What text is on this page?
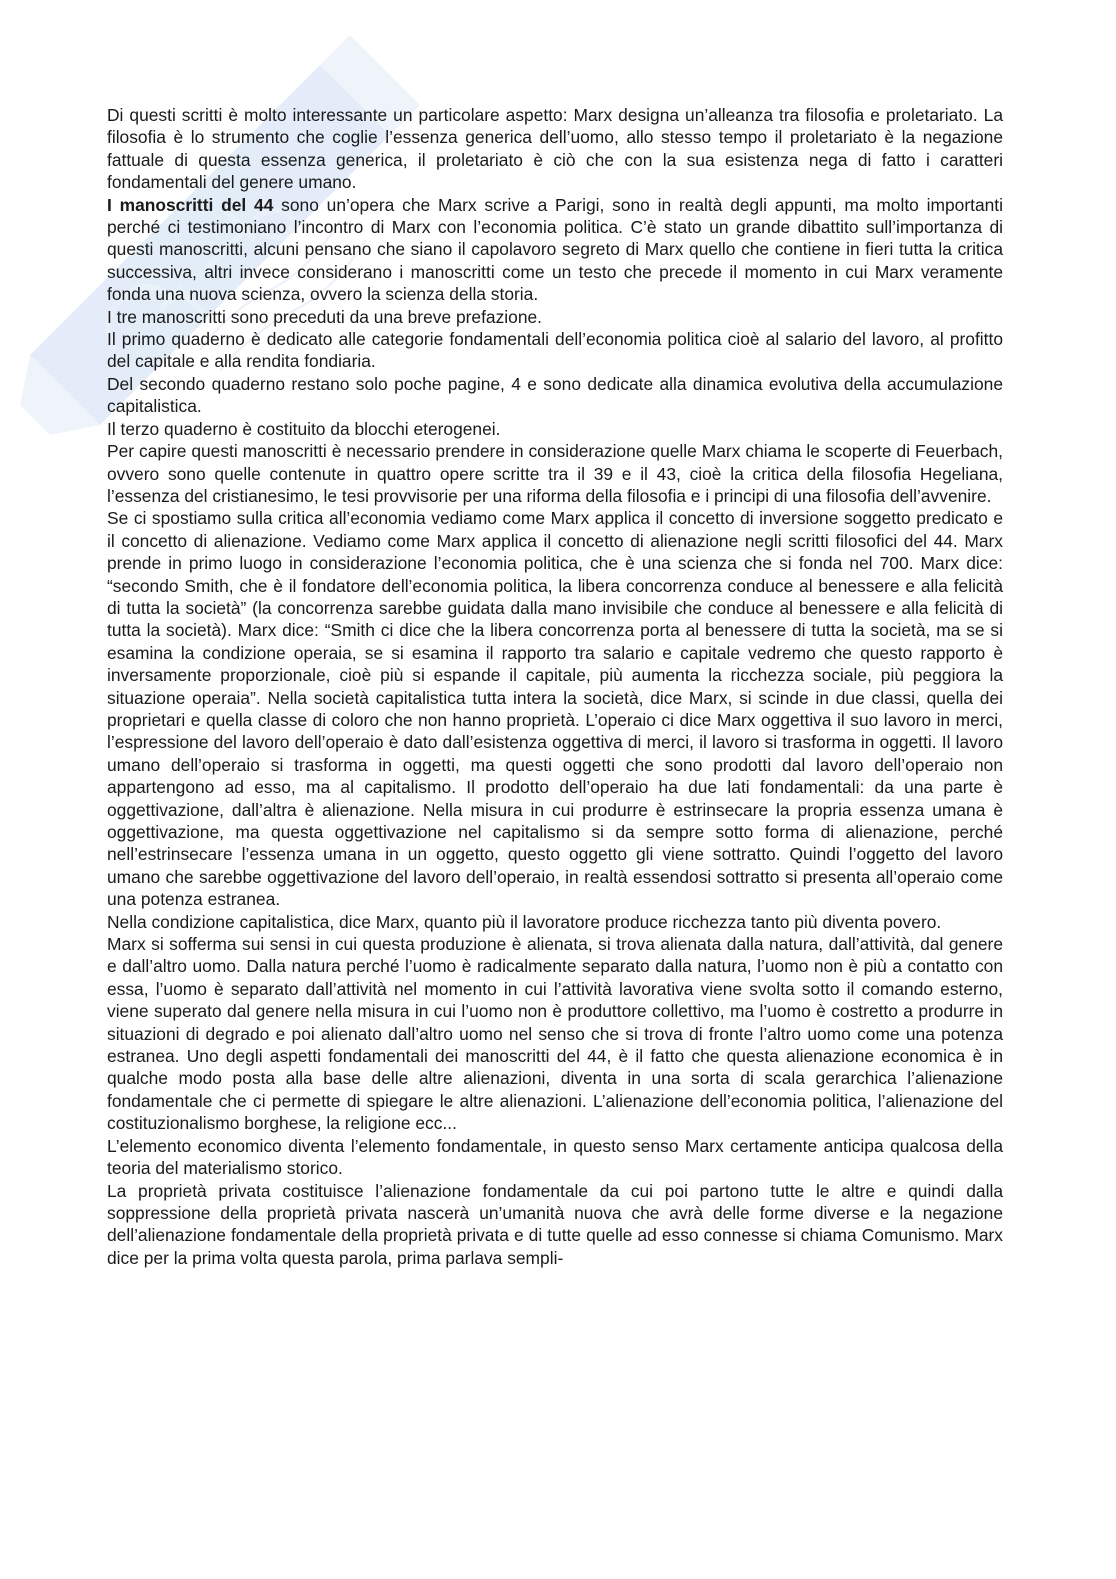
Di questi scritti è molto interessante un particolare aspetto: Marx designa un’alleanza tra filosofia e proletariato. La filosofia è lo strumento che coglie l’essenza generica dell’uomo, allo stesso tempo il proletariato è la negazione fattuale di questa essenza generica, il proletariato è ciò che con la sua esistenza nega di fatto i caratteri fondamentali del genere umano.

I manoscritti del 44 sono un’opera che Marx scrive a Parigi, sono in realtà degli appunti, ma molto importanti perché ci testimoniano l’incontro di Marx con l’economia politica. C’è stato un grande dibattito sull’importanza di questi manoscritti, alcuni pensano che siano il capolavoro segreto di Marx quello che contiene in fieri tutta la critica successiva, altri invece considerano i manoscritti come un testo che precede il momento in cui Marx veramente fonda una nuova scienza, ovvero la scienza della storia.

I tre manoscritti sono preceduti da una breve prefazione.

Il primo quaderno è dedicato alle categorie fondamentali dell’economia politica cioè al salario del lavoro, al profitto del capitale e alla rendita fondiaria.

Del secondo quaderno restano solo poche pagine, 4 e sono dedicate alla dinamica evolutiva della accumulazione capitalistica.

Il terzo quaderno è costituito da blocchi eterogenei.

Per capire questi manoscritti è necessario prendere in considerazione quelle Marx chiama le scoperte di Feuerbach, ovvero sono quelle contenute in quattro opere scritte tra il 39 e il 43, cioè la critica della filosofia Hegeliana, l’essenza del cristianesimo, le tesi provvisorie per una riforma della filosofia e i principi di una filosofia dell’avvenire.

Se ci spostiamo sulla critica all’economia vediamo come Marx applica il concetto di inversione soggetto predicato e il concetto di alienazione. Vediamo come Marx applica il concetto di alienazione negli scritti filosofici del 44. Marx prende in primo luogo in considerazione l’economia politica, che è una scienza che si fonda nel 700. Marx dice: “secondo Smith, che è il fondatore dell’economia politica, la libera concorrenza conduce al benessere e alla felicità di tutta la società” (la concorrenza sarebbe guidata dalla mano invisibile che conduce al benessere e alla felicità di tutta la società). Marx dice: “Smith ci dice che la libera concorrenza porta al benessere di tutta la società, ma se si esamina la condizione operaia, se si esamina il rapporto tra salario e capitale vedremo che questo rapporto è inversamente proporzionale, cioè più si espande il capitale, più aumenta la ricchezza sociale, più peggiora la situazione operaia”. Nella società capitalistica tutta intera la società, dice Marx, si scinde in due classi, quella dei proprietari e quella classe di coloro che non hanno proprietà. L’operaio ci dice Marx oggettiva il suo lavoro in merci, l’espressione del lavoro dell’operaio è dato dall’esistenza oggettiva di merci, il lavoro si trasforma in oggetti. Il lavoro umano dell’operaio si trasforma in oggetti, ma questi oggetti che sono prodotti dal lavoro dell’operaio non appartengono ad esso, ma al capitalismo. Il prodotto dell’operaio ha due lati fondamentali: da una parte è oggettivazione, dall’altra è alienazione. Nella misura in cui produrre è estrinsecare la propria essenza umana è oggettivazione, ma questa oggettivazione nel capitalismo si da sempre sotto forma di alienazione, perché nell’estrinsecare l’essenza umana in un oggetto, questo oggetto gli viene sottratto. Quindi l’oggetto del lavoro umano che sarebbe oggettivazione del lavoro dell’operaio, in realtà essendosi sottratto si presenta all’operaio come una potenza estranea.

Nella condizione capitalistica, dice Marx, quanto più il lavoratore produce ricchezza tanto più diventa povero.

Marx si sofferma sui sensi in cui questa produzione è alienata, si trova alienata dalla natura, dall’attività, dal genere e dall’altro uomo. Dalla natura perché l’uomo è radicalmente separato dalla natura, l’uomo non è più a contatto con essa, l’uomo è separato dall’attività nel momento in cui l’attività lavorativa viene svolta sotto il comando esterno, viene superato dal genere nella misura in cui l’uomo non è produttore collettivo, ma l’uomo è costretto a produrre in situazioni di degrado e poi alienato dall’altro uomo nel senso che si trova di fronte l’altro uomo come una potenza estranea. Uno degli aspetti fondamentali dei manoscritti del 44, è il fatto che questa alienazione economica è in qualche modo posta alla base delle altre alienazioni, diventa in una sorta di scala gerarchica l’alienazione fondamentale che ci permette di spiegare le altre alienazioni. L’alienazione dell’economia politica, l’alienazione del costituzionalismo borghese, la religione ecc...

L’elemento economico diventa l’elemento fondamentale, in questo senso Marx certamente anticipa qualcosa della teoria del materialismo storico.

La proprietà privata costituisce l’alienazione fondamentale da cui poi partono tutte le altre e quindi dalla soppressione della proprietà privata nascerà un’umanità nuova che avrà delle forme diverse e la negazione dell’alienazione fondamentale della proprietà privata e di tutte quelle ad esso connesse si chiama Comunismo. Marx dice per la prima volta questa parola, prima parlava sempli-
